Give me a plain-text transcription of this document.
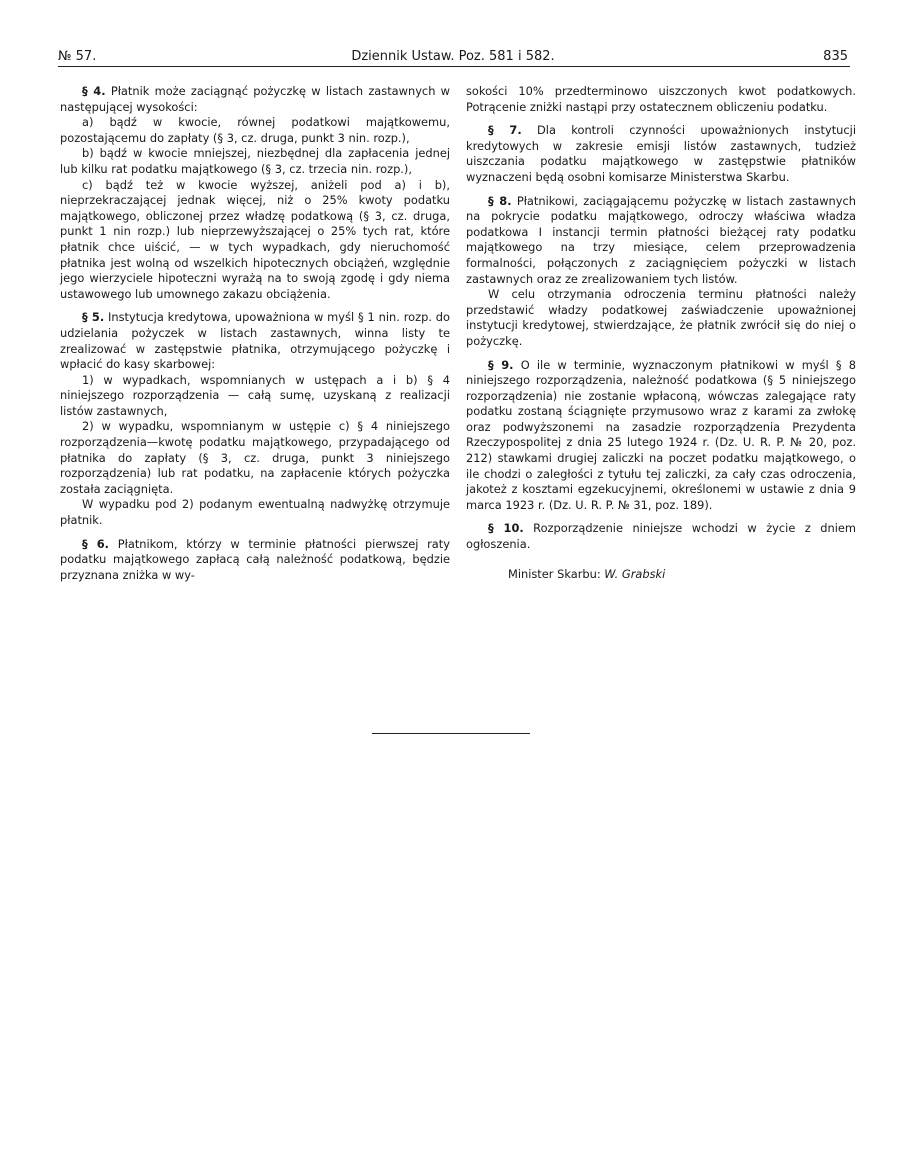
№ 57.	Dziennik Ustaw. Poz. 581 i 582.	835

§ 4. Płatnik może zaciągnąć pożyczkę w listach zastawnych w następującej wysokości:

a) bądź w kwocie, równej podatkowi majątkowemu, pozostającemu do zapłaty (§ 3, cz. druga, punkt 3 nin. rozp.),

b) bądź w kwocie mniejszej, niezbędnej dla zapłacenia jednej lub kilku rat podatku majątkowego (§ 3, cz. trzecia nin. rozp.),

c) bądź też w kwocie wyższej, aniżeli pod a) i b), nieprzekraczającej jednak więcej, niż o 25% kwoty podatku majątkowego, obliczonej przez władzę podatkową (§ 3, cz. druga, punkt 1 nin rozp.) lub nieprzewyższającej o 25% tych rat, które płatnik chce uiścić, — w tych wypadkach, gdy nieruchomość płatnika jest wolną od wszelkich hipotecznych obciążeń, względnie jego wierzyciele hipoteczni wyrażą na to swoją zgodę i gdy niema ustawowego lub umownego zakazu obciążenia.

§ 5. Instytucja kredytowa, upoważniona w myśl § 1 nin. rozp. do udzielania pożyczek w listach zastawnych, winna listy te zrealizować w zastępstwie płatnika, otrzymującego pożyczkę i wpłacić do kasy skarbowej:

1) w wypadkach, wspomnianych w ustępach a i b) § 4 niniejszego rozporządzenia — całą sumę, uzyskaną z realizacji listów zastawnych,

2) w wypadku, wspomnianym w ustępie c) § 4 niniejszego rozporządzenia—kwotę podatku majątkowego, przypadającego od płatnika do zapłaty (§ 3, cz. druga, punkt 3 niniejszego rozporządzenia) lub rat podatku, na zapłacenie których pożyczka została zaciągnięta.

W wypadku pod 2) podanym ewentualną nadwyżkę otrzymuje płatnik.

§ 6. Płatnikom, którzy w terminie płatności pierwszej raty podatku majątkowego zapłacą całą należność podatkową, będzie przyznana zniżka w wy-

sokości 10% przedterminowo uiszczonych kwot podatkowych. Potrącenie zniżki nastąpi przy ostatecznem obliczeniu podatku.

§ 7. Dla kontroli czynności upoważnionych instytucji kredytowych w zakresie emisji listów zastawnych, tudzież uiszczania podatku majątkowego w zastępstwie płatników wyznaczeni będą osobni komisarze Ministerstwa Skarbu.

§ 8. Płatnikowi, zaciągającemu pożyczkę w listach zastawnych na pokrycie podatku majątkowego, odroczy właściwa władza podatkowa I instancji termin płatności bieżącej raty podatku majątkowego na trzy miesiące, celem przeprowadzenia formalności, połączonych z zaciągnięciem pożyczki w listach zastawnych oraz ze zrealizowaniem tych listów.

W celu otrzymania odroczenia terminu płatności należy przedstawić władzy podatkowej zaświadczenie upoważnionej instytucji kredytowej, stwierdzające, że płatnik zwrócił się do niej o pożyczkę.

§ 9. O ile w terminie, wyznaczonym płatnikowi w myśl § 8 niniejszego rozporządzenia, należność podatkowa (§ 5 niniejszego rozporządzenia) nie zostanie wpłaconą, wówczas zalegające raty podatku zostaną ściągnięte przymusowo wraz z karami za zwłokę oraz podwyższonemi na zasadzie rozporządzenia Prezydenta Rzeczypospolitej z dnia 25 lutego 1924 r. (Dz. U. R. P. № 20, poz. 212) stawkami drugiej zaliczki na poczet podatku majątkowego, o ile chodzi o zaległości z tytułu tej zaliczki, za cały czas odroczenia, jakoteż z kosztami egzekucyjnemi, określonemi w ustawie z dnia 9 marca 1923 r. (Dz. U. R. P. № 31, poz. 189).

§ 10. Rozporządzenie niniejsze wchodzi w życie z dniem ogłoszenia.

Minister Skarbu: W. Grabski
